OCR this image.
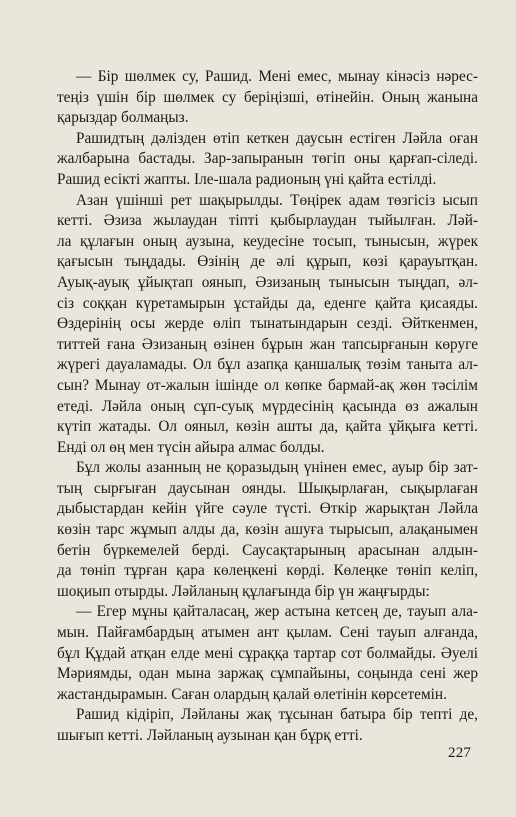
— Бір шөлмек су, Рашид. Мені емес, мынау кінәсіз нәрес-
теңіз үшін бір шөлмек су беріңізші, өтінейін. Оның жанына
қарыздар болмаңыз.
Рашидтың дәлізден өтіп кеткен даусын естіген Ләйла оған
жалбарына бастады. Зар-запыранын төгіп оны қарғап-сіледі.
Рашид есікті жапты. Іле-шала радионың үні қайта естілді.
Азан үшінші рет шақырылды. Төңірек адам төзгісіз ысып
кетті. Әзиза жылаудан тіпті қыбырлаудан тыйылған. Ләй-
ла құлағын оның аузына, кеудесіне тосып, тынысын, жүрек
қағысын тыңдады. Өзінің де әлі құрып, көзі қарауытқан.
Ауық-ауық ұйықтап оянып, Әзизаның тынысын тыңдап, әл-
сіз соққан күретамырын ұстайды да, еденге қайта қисаяды.
Өздерінің осы жерде өліп тынатындарын сезді. Әйткенмен,
титтей ғана Әзизаның өзінен бұрын жан тапсырғанын көруге
жүрегі дауаламады. Ол бұл азапқа қаншалық төзім таныта ал-
сын? Мынау от-жалын ішінде ол көпке бармай-ақ жөн тәсілім
етеді. Ләйла оның сұп-суық мүрдесінің қасында өз ажалын
күтіп жатады. Ол ояныл, көзін ашты да, қайта ұйқыға кетті.
Енді ол өң мен түсін айыра алмас болды.
Бұл жолы азанның не қоразыдың үнінен емес, ауыр бір зат-
тың сырғыған даусынан оянды. Шықырлаған, сықырлаған
дыбыстардан кейін үйге сәуле түсті. Өткір жарықтан Ләйла
көзін тарс жұмып алды да, көзін ашуға тырысып, алақанымен
бетін бүркемелей берді. Саусақтарының арасынан алдын-
да төніп тұрған қара көлеңкені көрді. Көлеңке төніп келіп,
шоқиып отырды. Ләйланың құлағында бір үн жаңғырды:
— Егер мұны қайталасаң, жер астына кетсең де, тауып ала-
мын. Пайғамбардың атымен ант қылам. Сені тауып алғанда,
бұл Құдай атқан елде мені сұраққа тартар сот болмайды. Әуелі
Мәриямды, одан мына заржақ сұмпайыны, соңында сені жер
жастандырамын. Саған олардың қалай өлетінін көрсетемін.
Рашид кідіріп, Ләйланы жақ тұсынан батыра бір тепті де,
шығып кетті. Ләйланың аузынан қан бұрқ етті.
227
